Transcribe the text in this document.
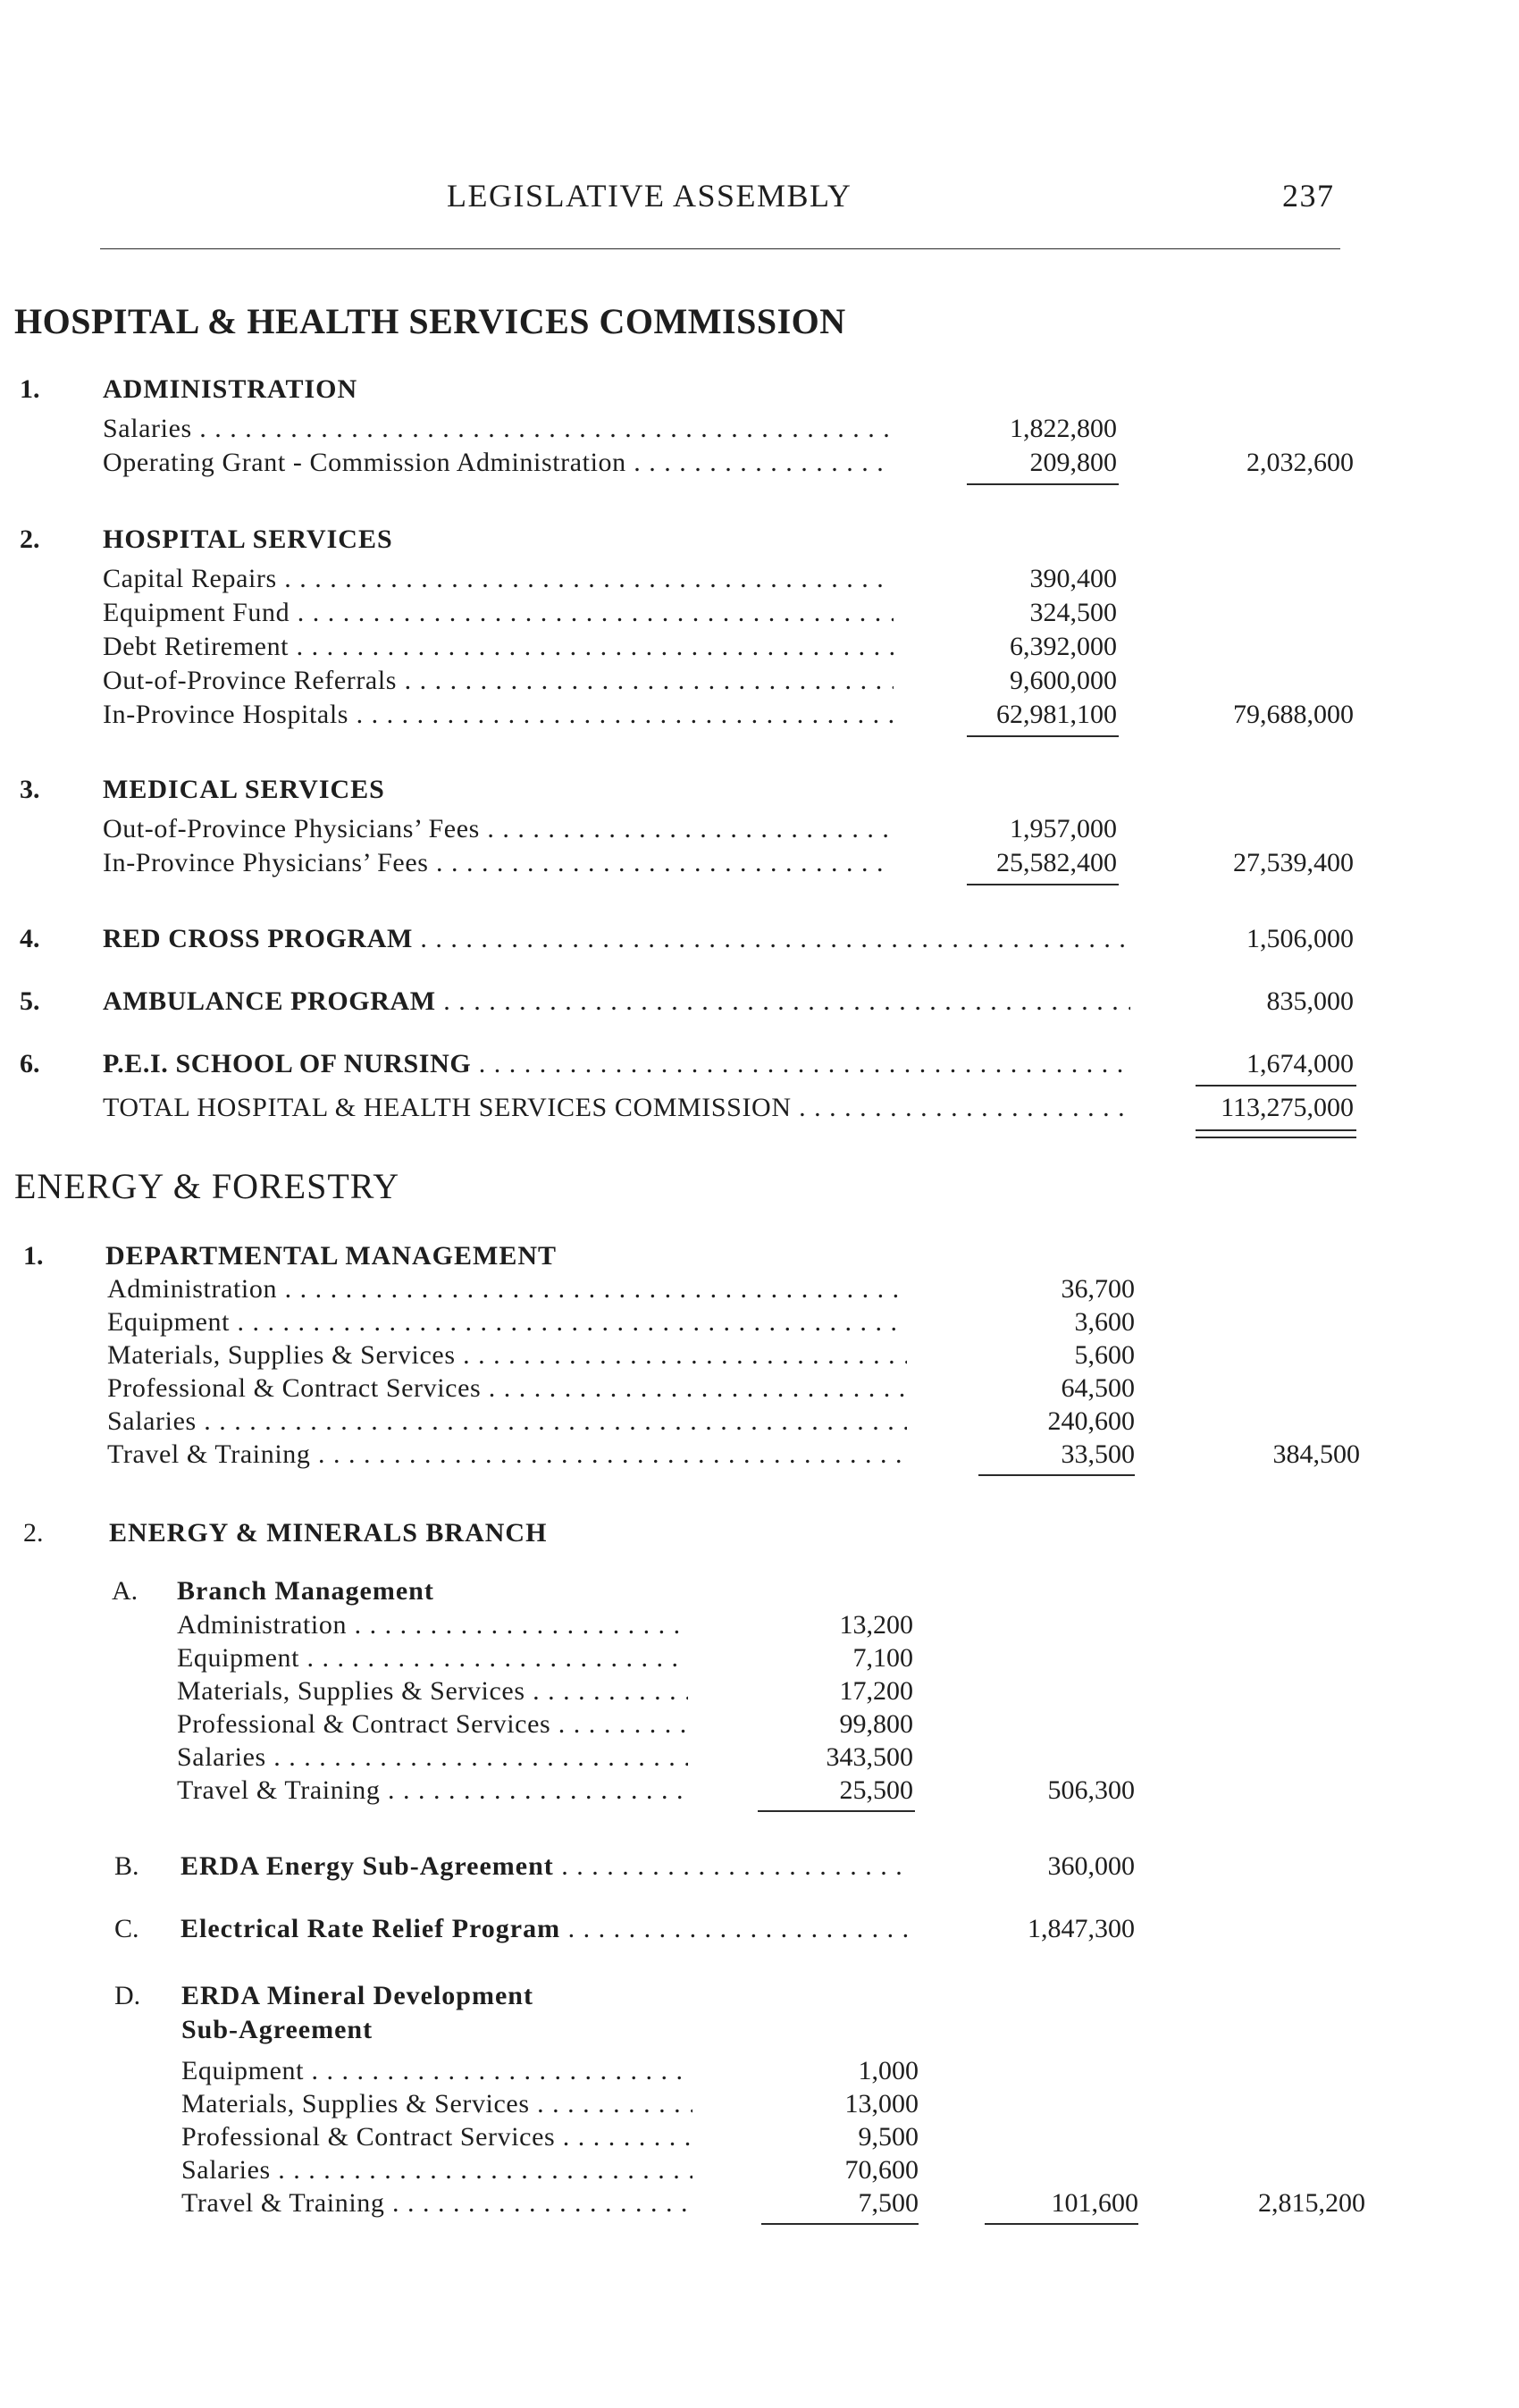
LEGISLATIVE ASSEMBLY	237
HOSPITAL & HEALTH SERVICES COMMISSION
1. ADMINISTRATION
Salaries . . .	1,822,800
Operating Grant - Commission Administration . . .	209,800	2,032,600
2. HOSPITAL SERVICES
Capital Repairs . . .	390,400
Equipment Fund . . .	324,500
Debt Retirement . . .	6,392,000
Out-of-Province Referrals . . .	9,600,000
In-Province Hospitals . . .	62,981,100	79,688,000
3. MEDICAL SERVICES
Out-of-Province Physicians’ Fees . . .	1,957,000
In-Province Physicians’ Fees . . .	25,582,400	27,539,400
4. RED CROSS PROGRAM . . .	1,506,000
5. AMBULANCE PROGRAM . . .	835,000
6. P.E.I. SCHOOL OF NURSING . . .	1,674,000
TOTAL HOSPITAL & HEALTH SERVICES COMMISSION . . .	113,275,000
ENERGY & FORESTRY
1. DEPARTMENTAL MANAGEMENT
Administration . . .	36,700
Equipment . . .	3,600
Materials, Supplies & Services . . .	5,600
Professional & Contract Services . . .	64,500
Salaries . . .	240,600
Travel & Training . . .	33,500	384,500
2. ENERGY & MINERALS BRANCH
A. Branch Management
Administration . . .	13,200
Equipment . . .	7,100
Materials, Supplies & Services . . .	17,200
Professional & Contract Services . . .	99,800
Salaries . . .	343,500
Travel & Training . . .	25,500	506,300
B. ERDA Energy Sub-Agreement . . .	360,000
C. Electrical Rate Relief Program . . .	1,847,300
D. ERDA Mineral Development
Sub-Agreement
Equipment . . .	1,000
Materials, Supplies & Services . . .	13,000
Professional & Contract Services . . .	9,500
Salaries . . .	70,600
Travel & Training . . .	7,500	101,600	2,815,200
